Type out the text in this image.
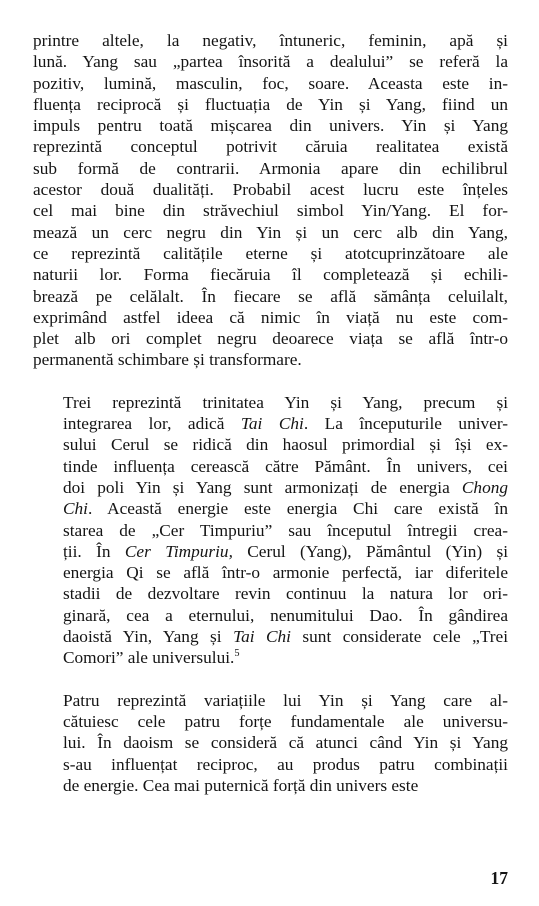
printre altele, la negativ, întuneric, feminin, apă și
lună. Yang sau „partea însorită a dealului” se referă la
pozitiv, lumină, masculin, foc, soare. Aceasta este in-
fluența reciprocă și fluctuația de Yin și Yang, fiind un
impuls pentru toată mișcarea din univers. Yin și Yang
reprezintă conceptul potrivit căruia realitatea există
sub formă de contrarii. Armonia apare din echilibrul
acestor două dualități. Probabil acest lucru este înțeles
cel mai bine din străvechiul simbol Yin/Yang. El for-
mează un cerc negru din Yin și un cerc alb din Yang,
ce reprezintă calitățile eterne și atotcuprinzătoare ale
naturii lor. Forma fiecăruia îl completează și echili-
brează pe celălalt. În fiecare se află sămânța celuilalt,
exprimând astfel ideea că nimic în viață nu este com-
plet alb ori complet negru deoarece viața se află într-o
permanentă schimbare și transformare.

Trei reprezintă trinitatea Yin și Yang, precum și
integrarea lor, adică Tai Chi. La începuturile univer-
sului Cerul se ridică din haosul primordial și își ex-
tinde influența cerească către Pământ. În univers, cei
doi poli Yin și Yang sunt armonizați de energia Chong
Chi. Această energie este energia Chi care există în
starea de „Cer Timpuriu” sau începutul întregii crea-
ții. În Cer Timpuriu, Cerul (Yang), Pământul (Yin) și
energia Qi se află într-o armonie perfectă, iar diferitele
stadii de dezvoltare revin continuu la natura lor ori-
ginară, cea a eternului, nenumitului Dao. În gândirea
daoistă Yin, Yang și Tai Chi sunt considerate cele „Trei
Comori” ale universului.$^5$

Patru reprezintă variațiile lui Yin și Yang care al-
cătuiesc cele patru forțe fundamentale ale universu-
lui. În daoism se consideră că atunci când Yin și Yang
s-au influențat reciproc, au produs patru combinații
de energie. Cea mai puternică forță din univers este

17
